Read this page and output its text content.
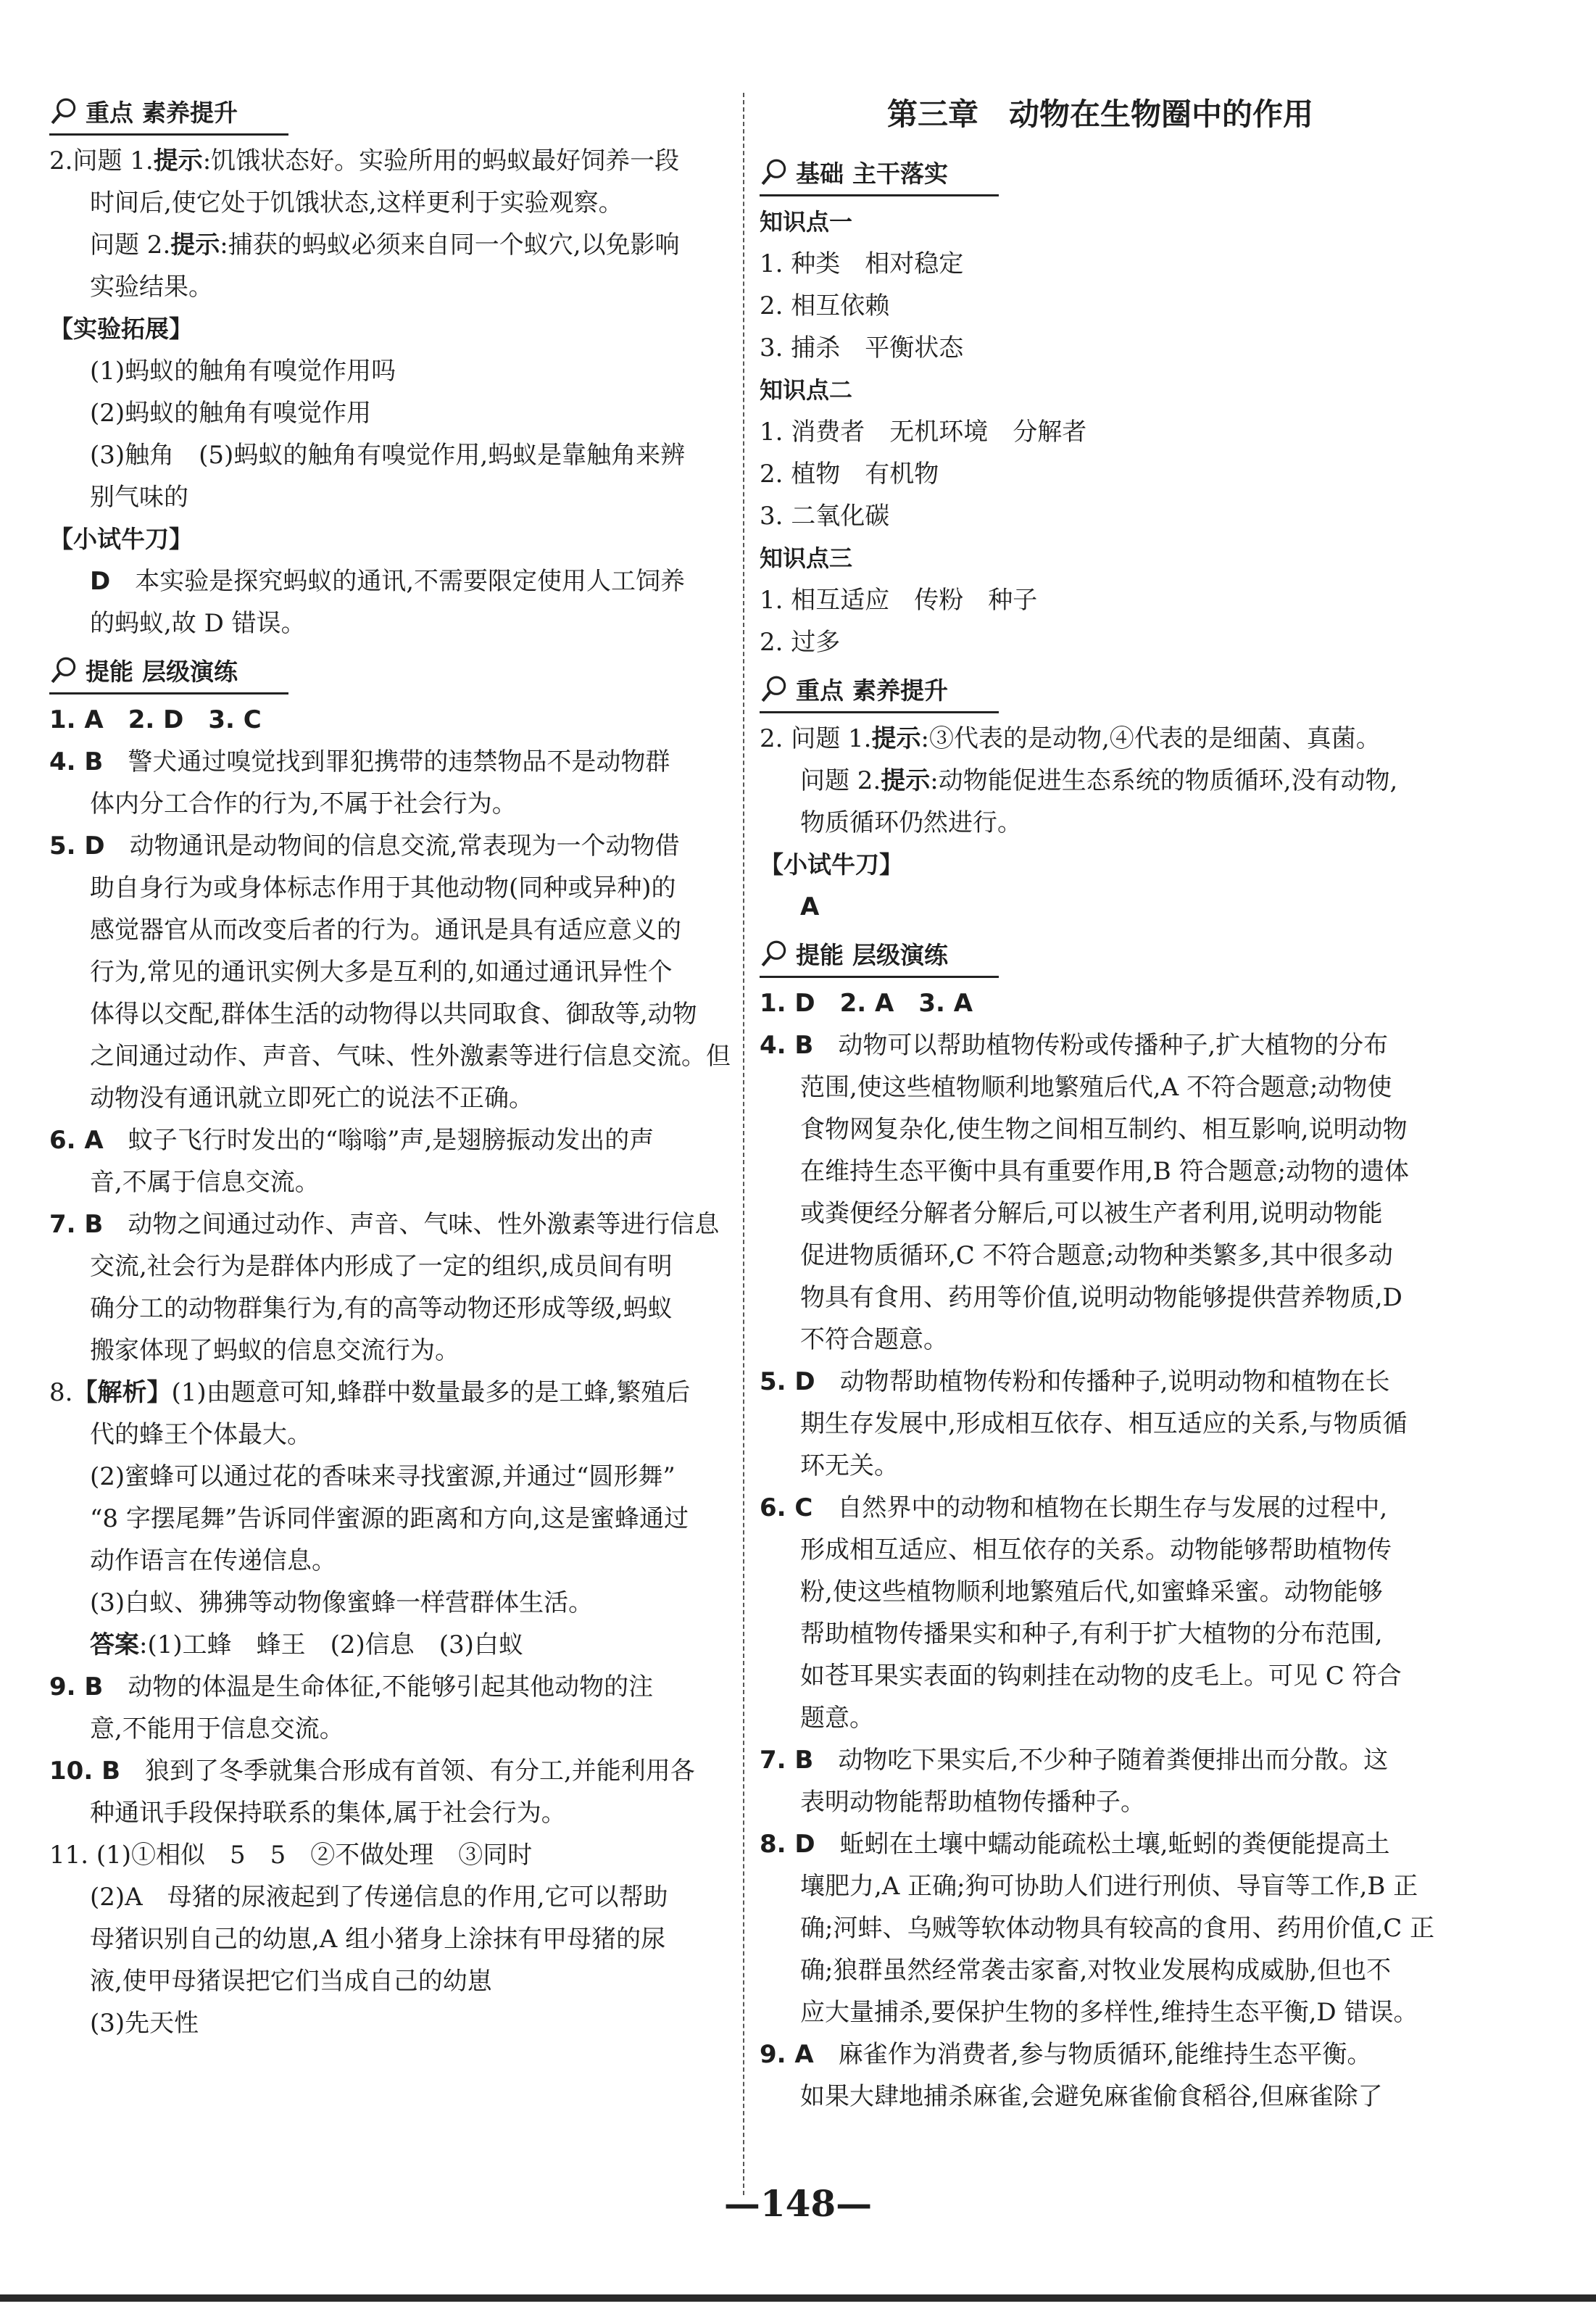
重点 素养提升
2.问题 1.提示:饥饿状态好。实验所用的蚂蚁最好饲养一段
时间后,使它处于饥饿状态,这样更利于实验观察。
问题 2.提示:捕获的蚂蚁必须来自同一个蚁穴,以免影响
实验结果。
【实验拓展】
(1)蚂蚁的触角有嗅觉作用吗
(2)蚂蚁的触角有嗅觉作用
(3)触角　(5)蚂蚁的触角有嗅觉作用,蚂蚁是靠触角来辨
别气味的
【小试牛刀】
D　本实验是探究蚂蚁的通讯,不需要限定使用人工饲养
的蚂蚁,故 D 错误。
提能 层级演练
1. A　2. D　3. C
4. B　警犬通过嗅觉找到罪犯携带的违禁物品不是动物群
体内分工合作的行为,不属于社会行为。
5. D　动物通讯是动物间的信息交流,常表现为一个动物借
助自身行为或身体标志作用于其他动物(同种或异种)的
感觉器官从而改变后者的行为。通讯是具有适应意义的
行为,常见的通讯实例大多是互利的,如通过通讯异性个
体得以交配,群体生活的动物得以共同取食、御敌等,动物
之间通过动作、声音、气味、性外激素等进行信息交流。但
动物没有通讯就立即死亡的说法不正确。
6. A　蚊子飞行时发出的“嗡嗡”声,是翅膀振动发出的声
音,不属于信息交流。
7. B　动物之间通过动作、声音、气味、性外激素等进行信息
交流,社会行为是群体内形成了一定的组织,成员间有明
确分工的动物群集行为,有的高等动物还形成等级,蚂蚁
搬家体现了蚂蚁的信息交流行为。
8.【解析】(1)由题意可知,蜂群中数量最多的是工蜂,繁殖后
代的蜂王个体最大。
(2)蜜蜂可以通过花的香味来寻找蜜源,并通过“圆形舞”
“8 字摆尾舞”告诉同伴蜜源的距离和方向,这是蜜蜂通过
动作语言在传递信息。
(3)白蚁、狒狒等动物像蜜蜂一样营群体生活。
答案:(1)工蜂　蜂王　(2)信息　(3)白蚁
9. B　动物的体温是生命体征,不能够引起其他动物的注
意,不能用于信息交流。
10. B　狼到了冬季就集合形成有首领、有分工,并能利用各
种通讯手段保持联系的集体,属于社会行为。
11. (1)①相似　5　5　②不做处理　③同时
(2)A　母猪的尿液起到了传递信息的作用,它可以帮助
母猪识别自己的幼崽,A 组小猪身上涂抹有甲母猪的尿
液,使甲母猪误把它们当成自己的幼崽
(3)先天性
第三章　动物在生物圈中的作用
基础 主干落实
知识点一
1. 种类　相对稳定
2. 相互依赖
3. 捕杀　平衡状态
知识点二
1. 消费者　无机环境　分解者
2. 植物　有机物
3. 二氧化碳
知识点三
1. 相互适应　传粉　种子
2. 过多
重点 素养提升
2. 问题 1.提示:③代表的是动物,④代表的是细菌、真菌。
问题 2.提示:动物能促进生态系统的物质循环,没有动物,
物质循环仍然进行。
【小试牛刀】
A
提能 层级演练
1. D　2. A　3. A
4. B　动物可以帮助植物传粉或传播种子,扩大植物的分布
范围,使这些植物顺利地繁殖后代,A 不符合题意;动物使
食物网复杂化,使生物之间相互制约、相互影响,说明动物
在维持生态平衡中具有重要作用,B 符合题意;动物的遗体
或粪便经分解者分解后,可以被生产者利用,说明动物能
促进物质循环,C 不符合题意;动物种类繁多,其中很多动
物具有食用、药用等价值,说明动物能够提供营养物质,D
不符合题意。
5. D　动物帮助植物传粉和传播种子,说明动物和植物在长
期生存发展中,形成相互依存、相互适应的关系,与物质循
环无关。
6. C　自然界中的动物和植物在长期生存与发展的过程中,
形成相互适应、相互依存的关系。动物能够帮助植物传
粉,使这些植物顺利地繁殖后代,如蜜蜂采蜜。动物能够
帮助植物传播果实和种子,有利于扩大植物的分布范围,
如苍耳果实表面的钩刺挂在动物的皮毛上。可见 C 符合
题意。
7. B　动物吃下果实后,不少种子随着粪便排出而分散。这
表明动物能帮助植物传播种子。
8. D　蚯蚓在土壤中蠕动能疏松土壤,蚯蚓的粪便能提高土
壤肥力,A 正确;狗可协助人们进行刑侦、导盲等工作,B 正
确;河蚌、乌贼等软体动物具有较高的食用、药用价值,C 正
确;狼群虽然经常袭击家畜,对牧业发展构成威胁,但也不
应大量捕杀,要保护生物的多样性,维持生态平衡,D 错误。
9. A　麻雀作为消费者,参与物质循环,能维持生态平衡。
如果大肆地捕杀麻雀,会避免麻雀偷食稻谷,但麻雀除了
—148—
